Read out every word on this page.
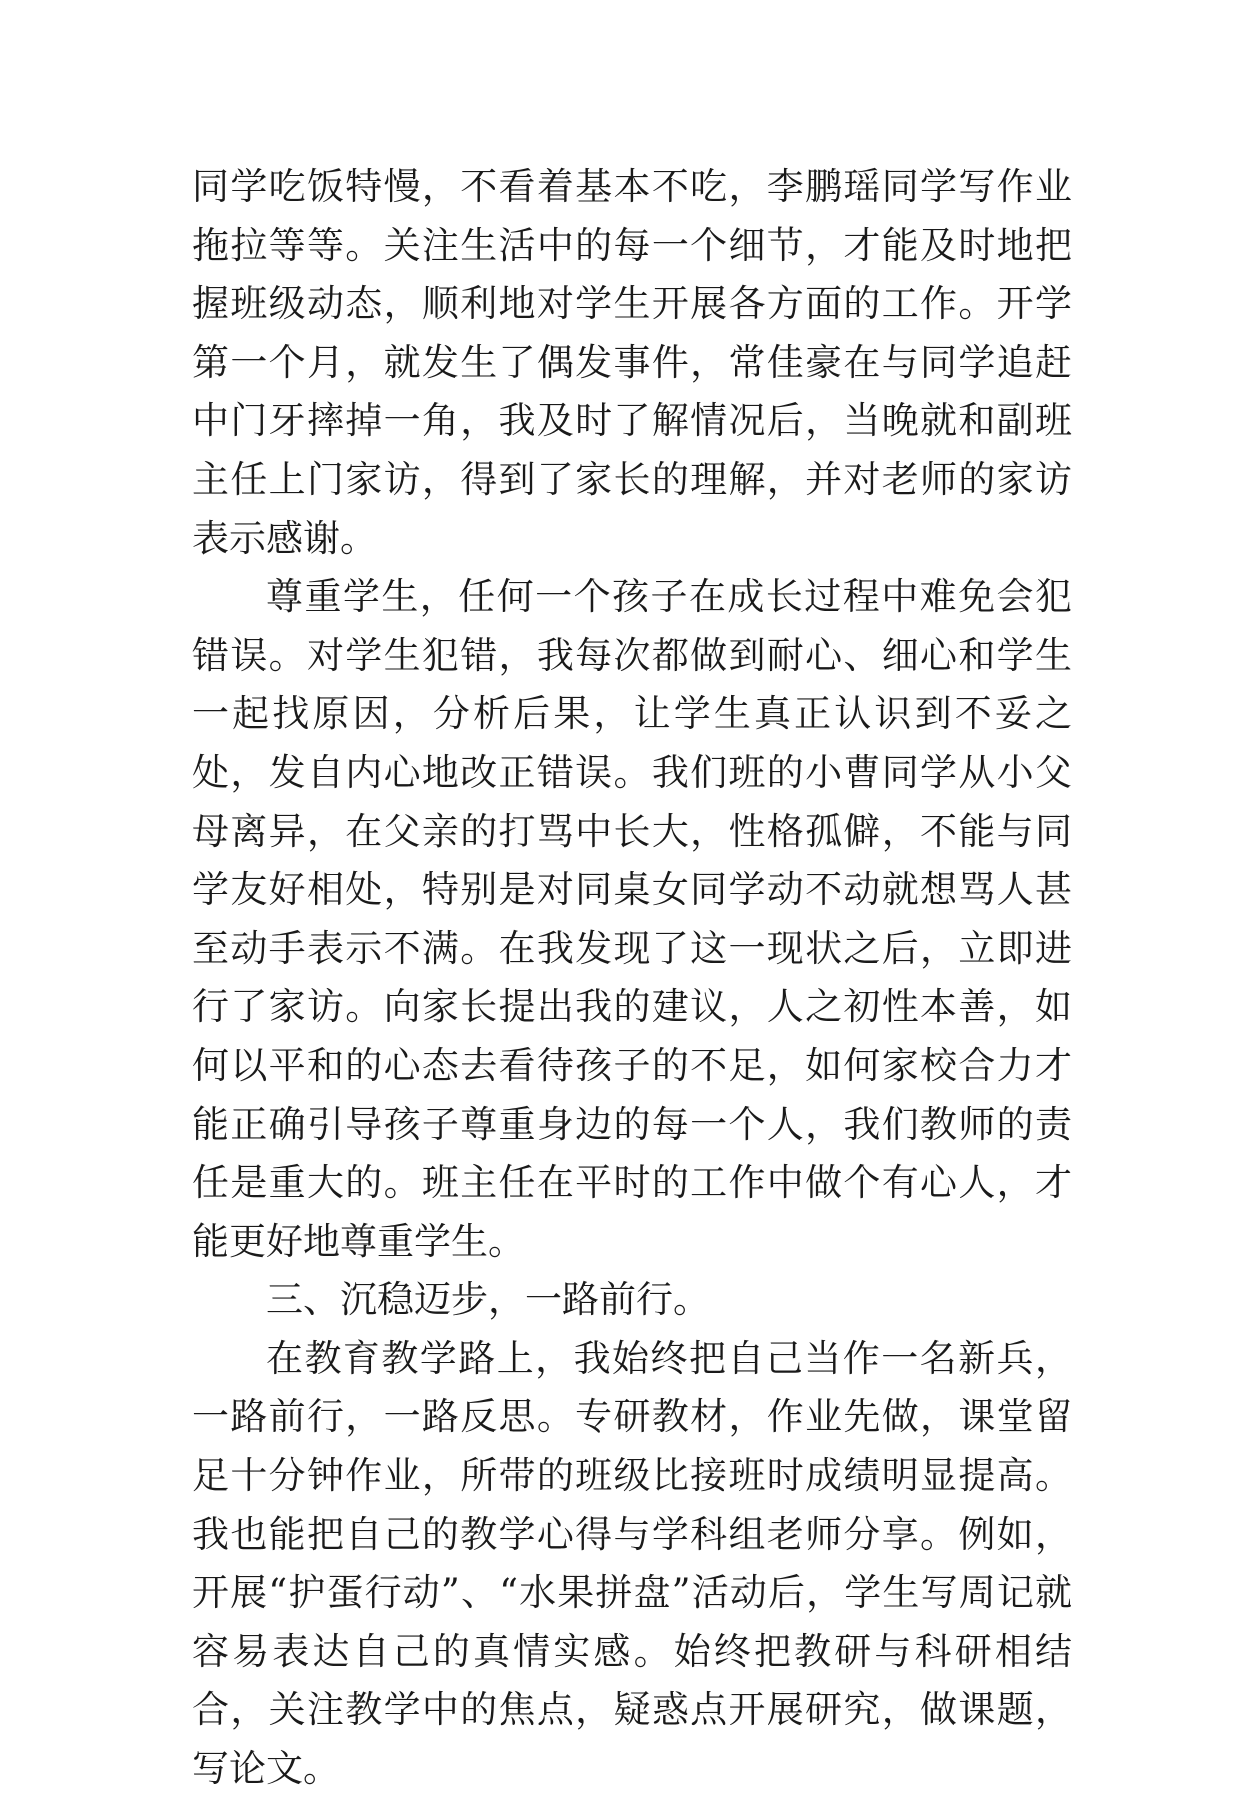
同学吃饭特慢，不看着基本不吃，李鹏瑶同学写作业拖拉等等。关注生活中的每一个细节，才能及时地把握班级动态，顺利地对学生开展各方面的工作。开学第一个月，就发生了偶发事件，常佳豪在与同学追赶中门牙摔掉一角，我及时了解情况后，当晚就和副班主任上门家访，得到了家长的理解，并对老师的家访表示感谢。

尊重学生，任何一个孩子在成长过程中难免会犯错误。对学生犯错，我每次都做到耐心、细心和学生一起找原因，分析后果，让学生真正认识到不妥之处，发自内心地改正错误。我们班的小曹同学从小父母离异，在父亲的打骂中长大，性格孤僻，不能与同学友好相处，特别是对同桌女同学动不动就想骂人甚至动手表示不满。在我发现了这一现状之后，立即进行了家访。向家长提出我的建议，人之初性本善，如何以平和的心态去看待孩子的不足，如何家校合力才能正确引导孩子尊重身边的每一个人，我们教师的责任是重大的。班主任在平时的工作中做个有心人，才能更好地尊重学生。

三、沉稳迈步，一路前行。

在教育教学路上，我始终把自己当作一名新兵，一路前行，一路反思。专研教材，作业先做，课堂留足十分钟作业，所带的班级比接班时成绩明显提高。我也能把自己的教学心得与学科组老师分享。例如，开展“护蛋行动”、“水果拼盘”活动后，学生写周记就容易表达自己的真情实感。始终把教研与科研相结合，关注教学中的焦点，疑惑点开展研究，做课题，写论文。
